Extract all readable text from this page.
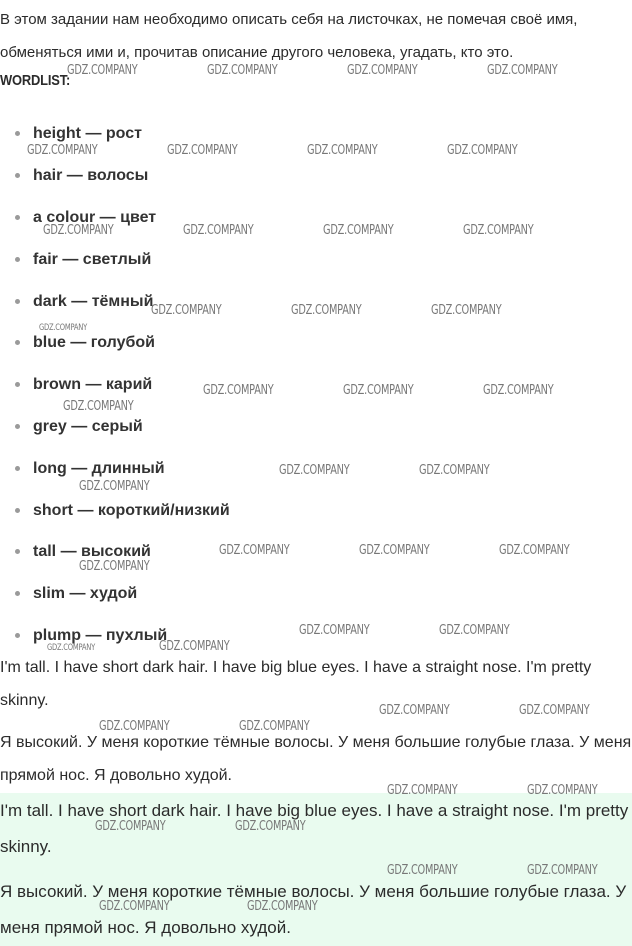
В этом задании нам необходимо описать себя на листочках, не помечая своё имя, обменяться ими и, прочитав описание другого человека, угадать, кто это.
WORDLIST:
height — рост
hair — волосы
a colour — цвет
fair — светлый
dark — тёмный
blue — голубой
brown — карий
grey — серый
long — длинный
short — короткий/низкий
tall — высокий
slim — худой
plump — пухлый
I'm tall. I have short dark hair. I have big blue eyes. I have a straight nose. I'm pretty skinny.
Я высокий. У меня короткие тёмные волосы. У меня большие голубые глаза. У меня прямой нос. Я довольно худой.
I'm tall. I have short dark hair. I have big blue eyes. I have a straight nose. I'm pretty skinny.
Я высокий. У меня короткие тёмные волосы. У меня большие голубые глаза. У меня прямой нос. Я довольно худой.
GDZ.COMPANY	GDZ.COMPANY	GDZ.COMPANY	GDZ.COMPANY
GDZ.COMPANY	GDZ.COMPANY	GDZ.COMPANY	GDZ.COMPANY
GDZ.COMPANY	GDZ.COMPANY	GDZ.COMPANY	GDZ.COMPANY
GDZ.COMPANY	GDZ.COMPANY	GDZ.COMPANY
GDZ.COMPANY
GDZ.COMPANY	GDZ.COMPANY	GDZ.COMPANY
GDZ.COMPANY
GDZ.COMPANY	GDZ.COMPANY
GDZ.COMPANY
GDZ.COMPANY	GDZ.COMPANY	GDZ.COMPANY
GDZ.COMPANY
GDZ.COMPANY	GDZ.COMPANY
GDZ.COMPANY
GDZ.COMPANY
GDZ.COMPANY	GDZ.COMPANY
GDZ.COMPANY	GDZ.COMPANY
GDZ.COMPANY	GDZ.COMPANY
GDZ.COMPANY	GDZ.COMPANY
GDZ.COMPANY	GDZ.COMPANY
GDZ.COMPANY	GDZ.COMPANY
